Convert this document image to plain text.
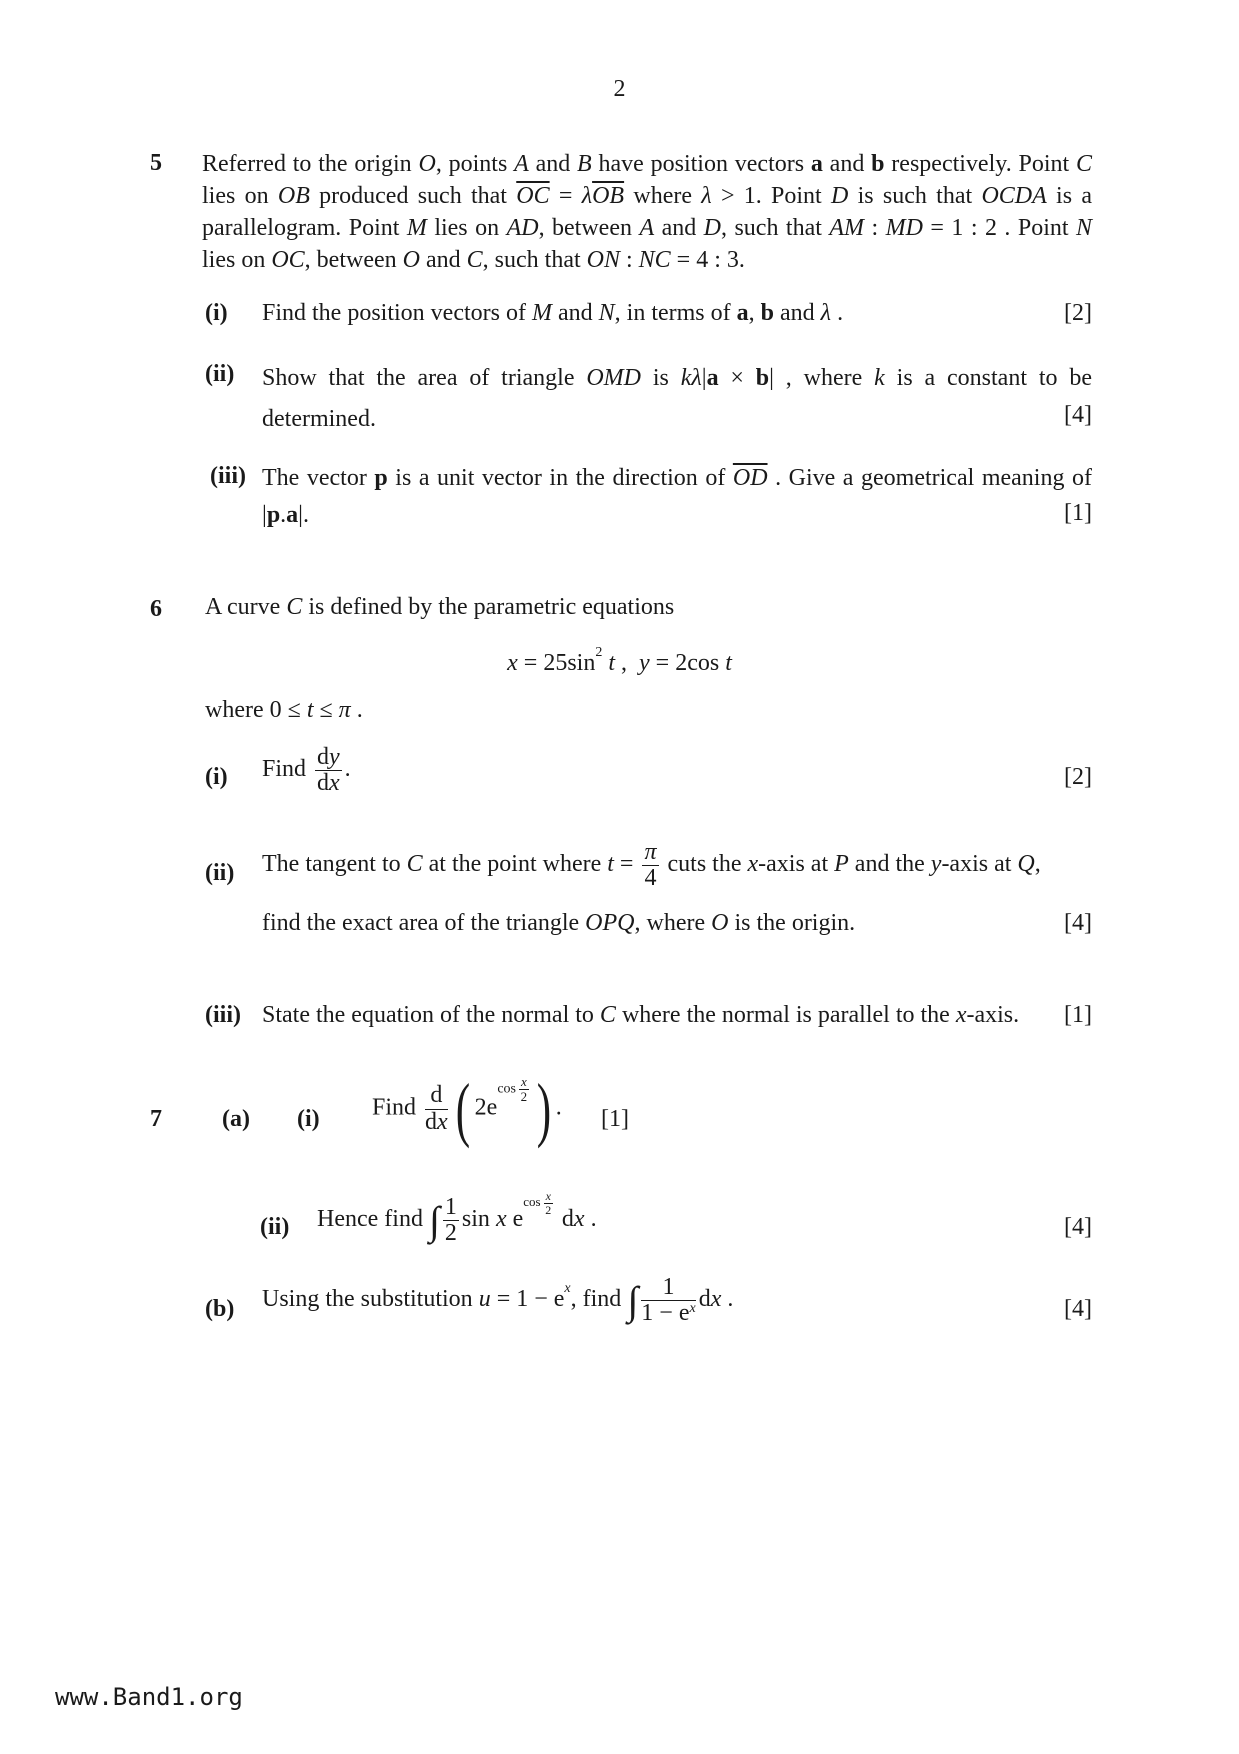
2
5 Referred to the origin O, points A and B have position vectors a and b respectively. Point C lies on OB produced such that $\overline{OC} = \lambda\overline{OB}$ where λ > 1. Point D is such that OCDA is a parallelogram. Point M lies on AD, between A and D, such that AM : MD = 1 : 2 . Point N lies on OC, between O and C, such that ON : NC = 4 : 3.
(i) Find the position vectors of M and N, in terms of a, b and λ .	[2]
(ii) Show that the area of triangle OMD is kλ|a × b| , where k is a constant to be determined.	[4]
(iii) The vector p is a unit vector in the direction of $\overline{OD}$ . Give a geometrical meaning of |p.a|.	[1]
6 A curve C is defined by the parametric equations
$x = 25\sin^2$ t ,  y = 2cos t
where 0 ≤ t ≤ π .
(i) Find $\frac{dy}{dx}$ .	[2]
(ii) The tangent to C at the point where $t = \frac{\pi}{4}$ cuts the x-axis at P and the y-axis at Q,
find the exact area of the triangle OPQ, where O is the origin.	[4]
(iii) State the equation of the normal to C where the normal is parallel to the x-axis. [1]
7	(a) (i) Find $\frac{d}{dx}$ ( $2ecos \frac{x}{2}$ ) . [1]
(ii) Hence find ∫ $\frac{1}{2}$ sin x ecos $\frac{x}{2}$
dx .	[4]
(b) Using the substitution $u = 1 - e^x$, find ∫ $\frac{1}{1 - e^x}$ dx .	[4]
www.Band1.org
